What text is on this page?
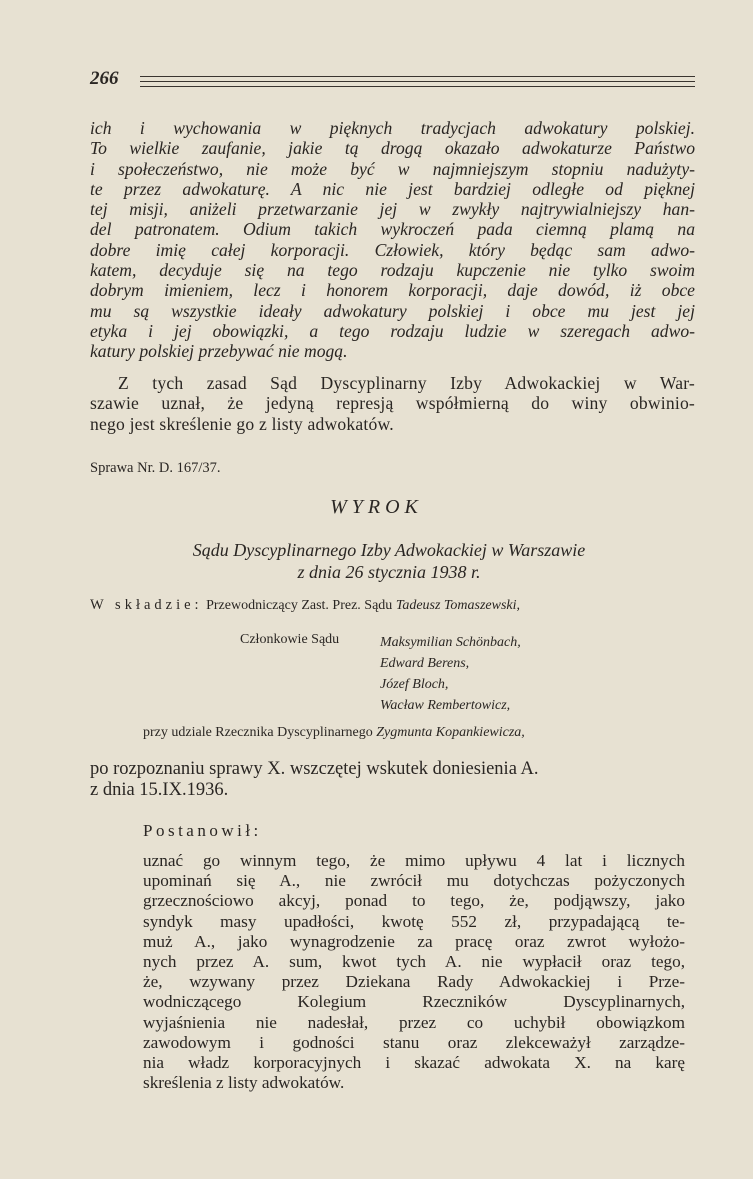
266
ich i wychowania w pięknych tradycjach adwokatury polskiej.
To wielkie zaufanie, jakie tą drogą okazało adwokaturze Państwo
i społeczeństwo, nie może być w najmniejszym stopniu nadużyty-
te przez adwokaturę. A nic nie jest bardziej odległe od pięknej
tej misji, aniżeli przetwarzanie jej w zwykły najtrywialniejszy han-
del patronatem. Odium takich wykroczeń pada ciemną plamą na
dobre imię całej korporacji. Człowiek, który będąc sam adwo-
katem, decyduje się na tego rodzaju kupczenie nie tylko swoim
dobrym imieniem, lecz i honorem korporacji, daje dowód, iż obce
mu są wszystkie ideały adwokatury polskiej i obce mu jest jej
etyka i jej obowiązki, a tego rodzaju ludzie w szeregach adwo-
katury polskiej przebywać nie mogą.
Z tych zasad Sąd Dyscyplinarny Izby Adwokackiej w War-
szawie uznał, że jedyną represją współmierną do winy obwinio-
nego jest skreślenie go z listy adwokatów.
Sprawa Nr. D. 167/37.
WYROK
Sądu Dyscyplinarnego Izby Adwokackiej w Warszawie
z dnia 26 stycznia 1938 r.
W składzie: Przewodniczący Zast. Prez. Sądu Tadeusz Tomaszewski,
Członkowie Sądu	Maksymilian Schönbach,
Edward Berens,
Józef Bloch,
Wacław Rembertowicz,
przy udziale Rzecznika Dyscyplinarnego Zygmunta Kopankiewicza,
po rozpoznaniu sprawy X. wszczętej wskutek doniesienia A.
z dnia 15.IX.1936.
Postanowił:
uznać go winnym tego, że mimo upływu 4 lat i licznych
upominań się A., nie zwrócił mu dotychczas pożyczonych
grzecznościowo akcyj, ponad to tego, że, podjąwszy, jako
syndyk masy upadłości, kwotę 552 zł, przypadającą te-
muż A., jako wynagrodzenie za pracę oraz zwrot wyłożo-
nych przez A. sum, kwot tych A. nie wypłacił oraz tego,
że, wzywany przez Dziekana Rady Adwokackiej i Prze-
wodniczącego Kolegium Rzeczników Dyscyplinarnych,
wyjaśnienia nie nadesłał, przez co uchybił obowiązkom
zawodowym i godności stanu oraz zlekceważył zarządze-
nia władz korporacyjnych i skazać adwokata X. na karę
skreślenia z listy adwokatów.
